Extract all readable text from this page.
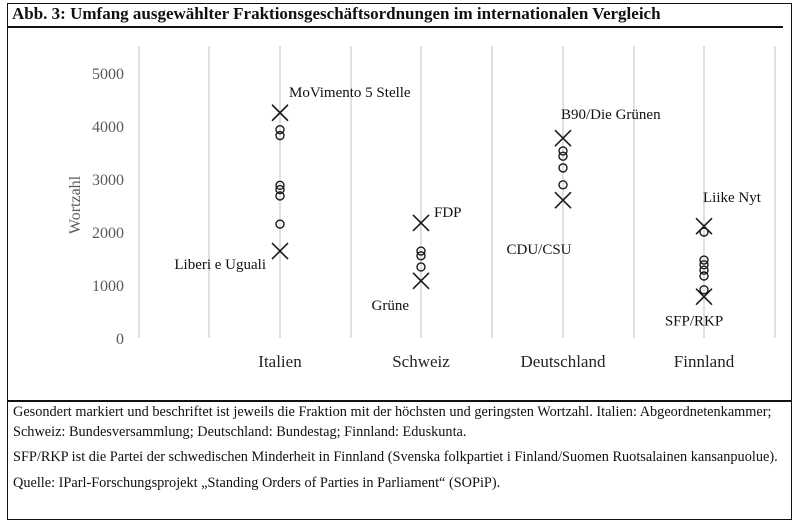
Abb. 3: Umfang ausgewählter Fraktionsgeschäftsordnungen im internationalen Vergleich
0
1000
2000
3000
4000
5000
Wortzahl
Italien	Schweiz	Deutschland	Finnland
MoVimento 5 Stelle
Liberi e Uguali
FDP
Grüne
B90/Die Grünen
CDU/CSU
Liike Nyt
SFP/RKP

Gesondert markiert und beschriftet ist jeweils die Fraktion mit der höchsten und geringsten Wortzahl. Italien: Abgeordnetenkammer; Schweiz: Bundesversammlung; Deutschland: Bundestag; Finnland: Eduskunta.

SFP/RKP ist die Partei der schwedischen Minderheit in Finnland (Svenska folkpartiet i Finland/Suomen Ruotsalainen kansanpuolue).

Quelle: IParl-Forschungsprojekt „Standing Orders of Parties in Parliament“ (SOPiP).
